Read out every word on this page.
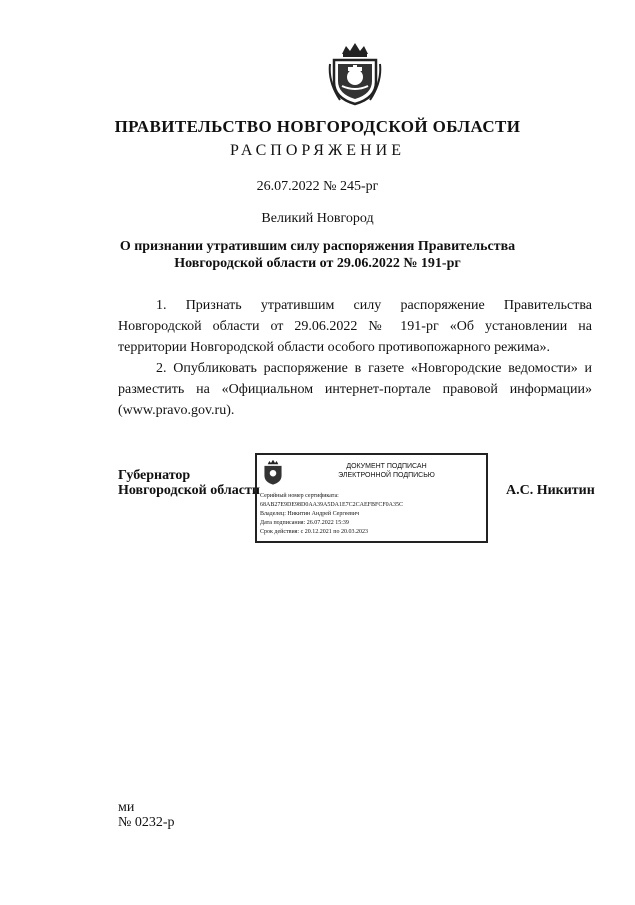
ПРАВИТЕЛЬСТВО НОВГОРОДСКОЙ ОБЛАСТИ
РАСПОРЯЖЕНИЕ
26.07.2022 № 245-рг
Великий Новгород
О признании утратившим силу распоряжения Правительства
Новгородской области от 29.06.2022 № 191-рг

1. Признать утратившим силу распоряжение Правительства Новгородской области от 29.06.2022 № 191-рг «Об установлении на территории Новгородской области особого противопожарного режима».

2. Опубликовать распоряжение в газете «Новгородские ведомости» и разместить на «Официальном интернет-портале правовой информации» (www.pravo.gov.ru).

Губернатор
Новгородской области
ДОКУМЕНТ ПОДПИСАН
ЭЛЕКТРОННОЙ ПОДПИСЬЮ
Серийный номер сертификата:
68AB27E9DE98D0AA39A5DA1E7C2CAEFBFCF0A35C
Владелец: Никитин Андрей Сергеевич
Дата подписания: 26.07.2022 15:39
Срок действия: с 20.12.2021 по 20.03.2023
А.С. Никитин
ми
№ 0232-р
